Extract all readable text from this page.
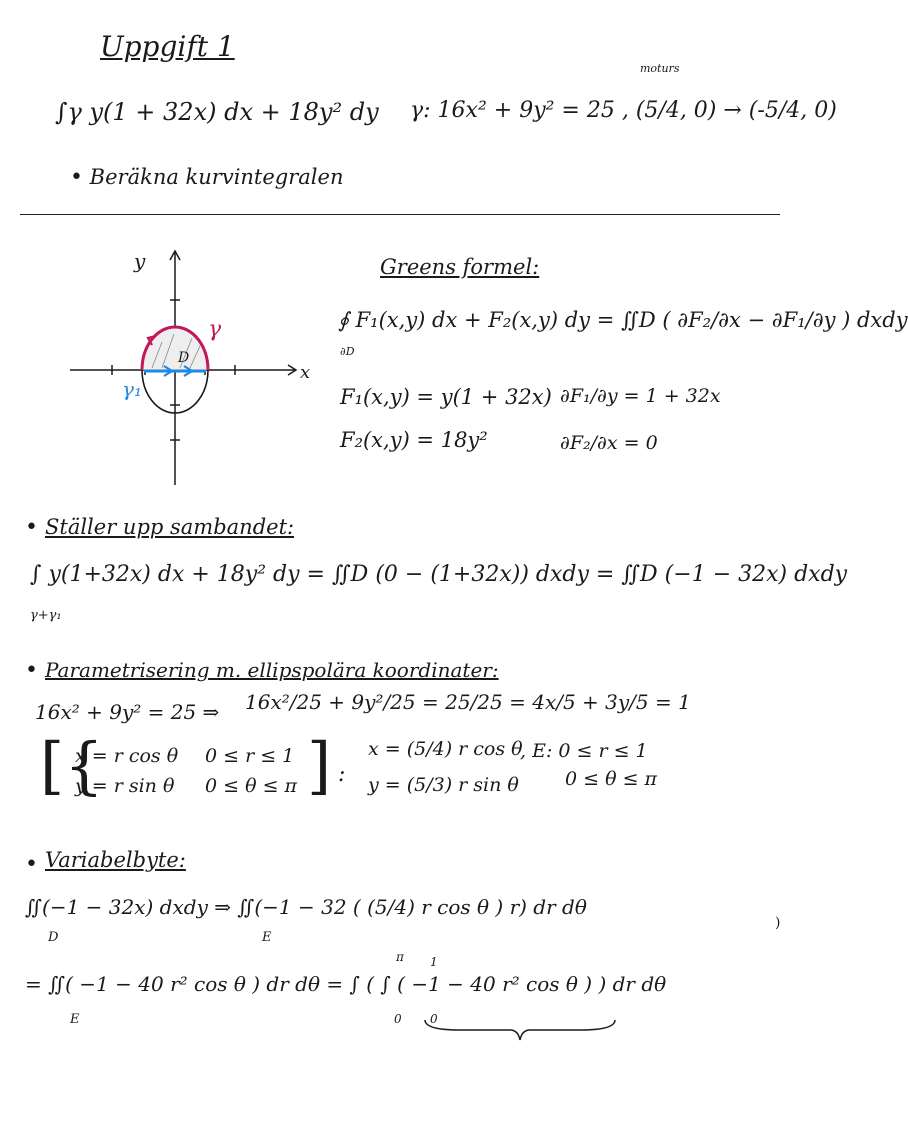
Uppgift 1
moturs
∫γ y(1 + 32x) dx + 18y² dy γ: 16x² + 9y² = 25 , (5/4, 0) → (-5/4, 0)
• Beräkna kurvintegralen
y
x
γ
γ₁
D
Greens formel:
∮ F₁(x,y) dx + F₂(x,y) dy = ∬D ( ∂F₂/∂x − ∂F₁/∂y ) dxdy
∂D
F₁(x,y) = y(1 + 32x) ∂F₁/∂y = 1 + 32x
F₂(x,y) = 18y²	∂F₂/∂x = 0
• Ställer upp sambandet:
∫ y(1+32x) dx + 18y² dy = ∬D (0 − (1+32x)) dxdy = ∬D (−1 − 32x) dxdy
γ+γ₁
• Parametrisering m. ellipspolära koordinater:
16x² + 9y² = 25 ⇒ 16x²/25 + 9y²/25 = 25/25 = 4x/5 + 3y/5 = 1
[{
x = r cos θ
y = r sin θ
0 ≤ r ≤ 1
0 ≤ θ ≤ π ] :
x = (5/4) r cos θ
y = (5/3) r sin θ
, E: 0 ≤ r ≤ 1
0 ≤ θ ≤ π
• Variabelbyte:
∬(−1 − 32x) dxdy ⇒ ∬(−1 − 32 ( (5/4) r cos θ ) r) dr dθ
D	E
= ∬( −1 − 40 r² cos θ ) dr dθ = ∫ ( ∫ ( −1 − 40 r² cos θ ) ) dr dθ
E
π
0
1
0
)
